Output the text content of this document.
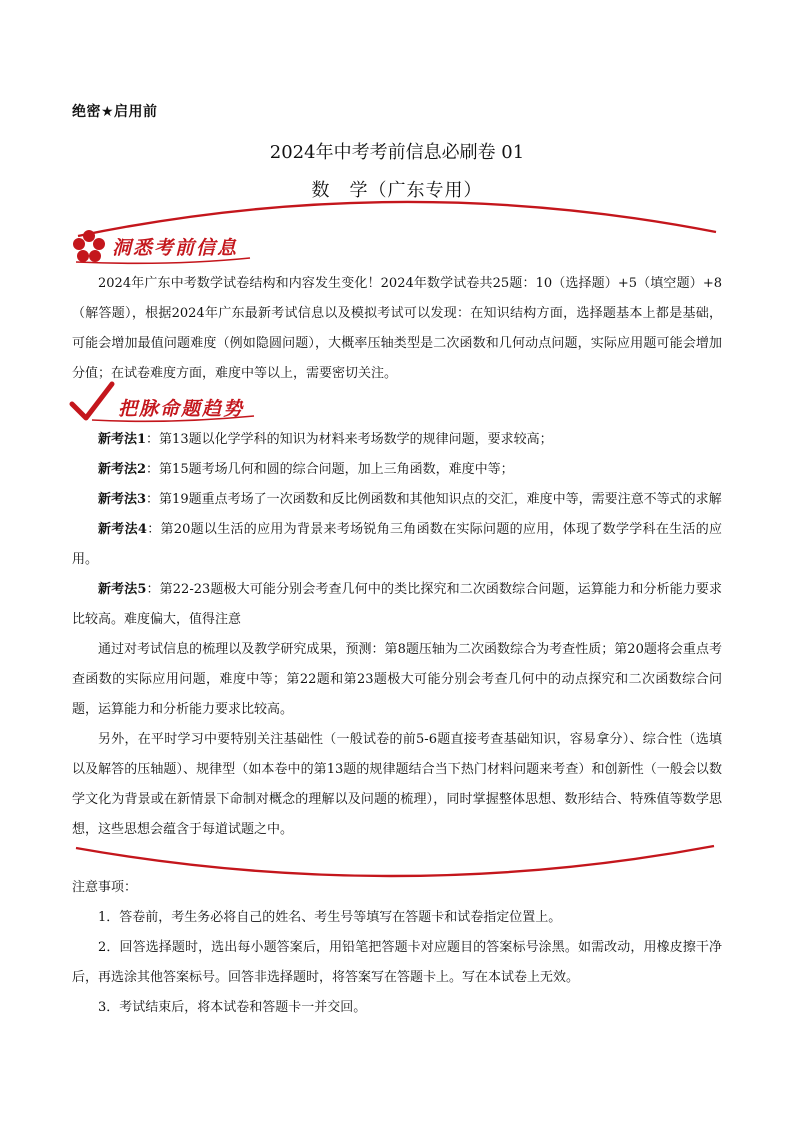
绝密★启用前
2024年中考考前信息必刷卷 01
数　学（广东专用）
洞悉考前信息

2024年广东中考数学试卷结构和内容发生变化！2024年数学试卷共25题：10（选择题）+5（填空题）+8（解答题），根据2024年广东最新考试信息以及模拟考试可以发现：在知识结构方面，选择题基本上都是基础，可能会增加最值问题难度（例如隐圆问题），大概率压轴类型是二次函数和几何动点问题，实际应用题可能会增加分值；在试卷难度方面，难度中等以上，需要密切关注。

把脉命题趋势

新考法1：第13题以化学学科的知识为材料来考场数学的规律问题，要求较高；

新考法2：第15题考场几何和圆的综合问题，加上三角函数，难度中等；

新考法3：第19题重点考场了一次函数和反比例函数和其他知识点的交汇，难度中等，需要注意不等式的求解

新考法4：第20题以生活的应用为背景来考场锐角三角函数在实际问题的应用，体现了数学学科在生活的应用。

新考法5：第22-23题极大可能分别会考查几何中的类比探究和二次函数综合问题，运算能力和分析能力要求比较高。难度偏大，值得注意

通过对考试信息的梳理以及教学研究成果，预测：第8题压轴为二次函数综合为考查性质；第20题将会重点考查函数的实际应用问题，难度中等；第22题和第23题极大可能分别会考查几何中的动点探究和二次函数综合问题，运算能力和分析能力要求比较高。

另外，在平时学习中要特别关注基础性（一般试卷的前5-6题直接考查基础知识，容易拿分）、综合性（选填以及解答的压轴题）、规律型（如本卷中的第13题的规律题结合当下热门材料问题来考查）和创新性（一般会以数学文化为背景或在新情景下命制对概念的理解以及问题的梳理），同时掌握整体思想、数形结合、特殊值等数学思想，这些思想会蕴含于每道试题之中。

注意事项：

1．答卷前，考生务必将自己的姓名、考生号等填写在答题卡和试卷指定位置上。

2．回答选择题时，选出每小题答案后，用铅笔把答题卡对应题目的答案标号涂黑。如需改动，用橡皮擦干净后，再选涂其他答案标号。回答非选择题时，将答案写在答题卡上。写在本试卷上无效。

3．考试结束后，将本试卷和答题卡一并交回。
